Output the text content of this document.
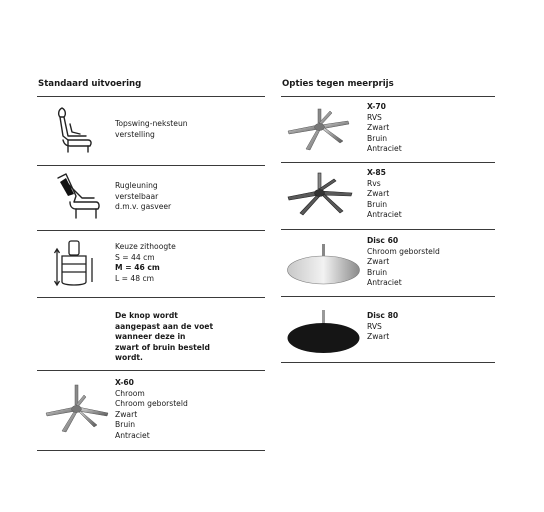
Standaard uitvoering
Topswing-neksteun
verstelling
Rugleuning
verstelbaar
d.m.v. gasveer
Keuze zithoogte
S = 44 cm
M = 46 cm
L = 48 cm
De knop wordt
aangepast aan de voet
wanneer deze in
zwart of bruin besteld
wordt.
X-60
Chroom
Chroom geborsteld
Zwart
Bruin
Antraciet
Opties tegen meerprijs
X-70
RVS
Zwart
Bruin
Antraciet
X-85
Rvs
Zwart
Bruin
Antraciet
Disc 60
Chroom geborsteld
Zwart
Bruin
Antraciet
Disc 80
RVS
Zwart
